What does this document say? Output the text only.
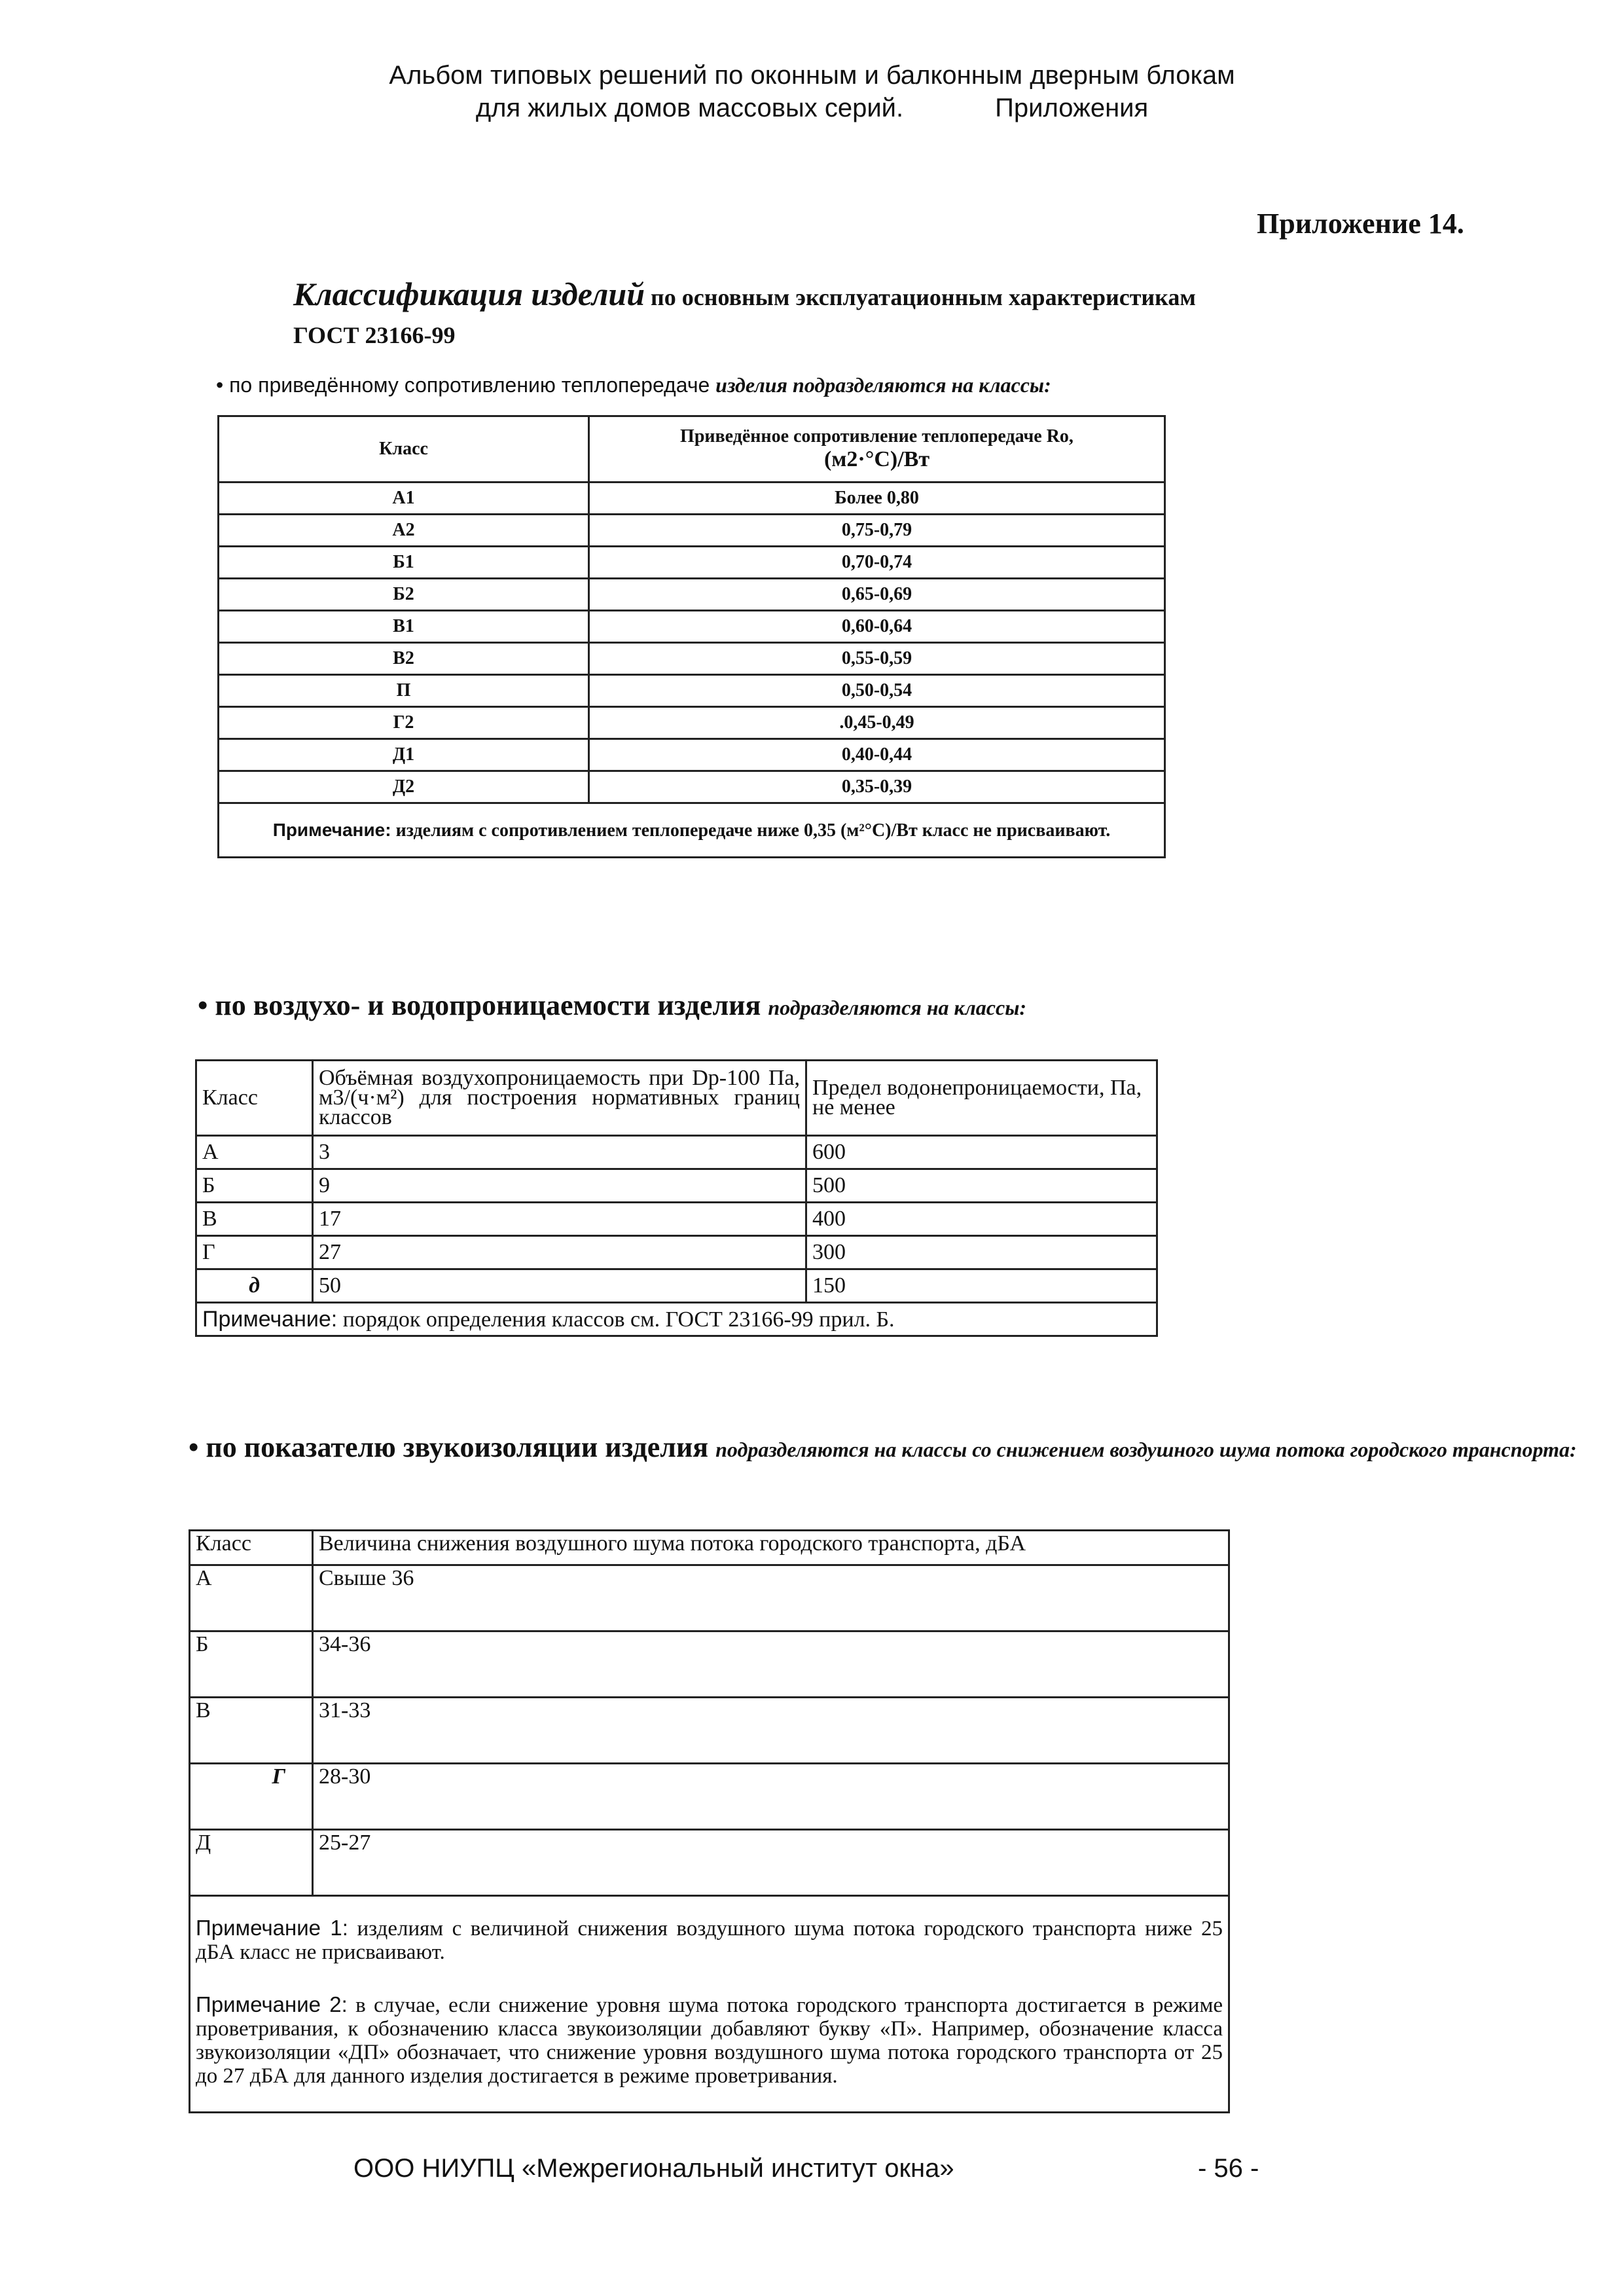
Альбом типовых решений по оконным и балконным дверным блокам
для жилых домов массовых серий.	Приложения
Приложение 14.
Классификация изделий по основным эксплуатационным характеристикам
ГОСТ 23166-99
• по приведённому сопротивлению теплопередаче изделия подразделяются на классы:
Класс	Приведённое сопротивление теплопередаче Ro,
(м2·°С)/Вт

А1	Более 0,80
А2	0,75-0,79
Б1	0,70-0,74
Б2	0,65-0,69
В1	0,60-0,64
В2	0,55-0,59
П	0,50-0,54
Г2	.0,45-0,49
Д1	0,40-0,44
Д2	0,35-0,39
Примечание: изделиям с сопротивлением теплопередаче ниже 0,35 (м²°С)/Вт класс не присваивают.	
• по воздухо- и водопроницаемости изделия подразделяются на классы:
Класс	Объёмная воздухопроницаемость при Dp-100 Па, м3/(ч·м²) для построения нормативных границ классов	Предел водонепроницаемости, Па, не менее
А	3	600
Б	9	500
В	17	400
Г	27	300
д	50	150
Примечание: порядок определения классов см. ГОСТ 23166-99 прил. Б.		
• по показателю звукоизоляции изделия подразделяются на классы со снижением воздушного шума потока городского транспорта:
Класс	Величина снижения воздушного шума потока городского транспорта, дБА
А	Свыше 36
Б	34-36
В	31-33
Г	28-30
Д	25-27

Примечание 1: изделиям с величиной снижения воздушного шума потока городского транспорта ниже 25 дБА класс не присваивают.
Примечание 2: в случае, если снижение уровня шума потока городского транспорта достигается в режиме проветривания, к обозначению класса звукоизоляции добавляют букву «П». Например, обозначение класса звукоизоляции «ДП» обозначает, что снижение уровня воздушного шума потока городского транспорта от 25 до 27 дБА для данного изделия достигается в режиме проветривания.	
ООО НИУПЦ «Межрегиональный институт окна»	- 56 -
